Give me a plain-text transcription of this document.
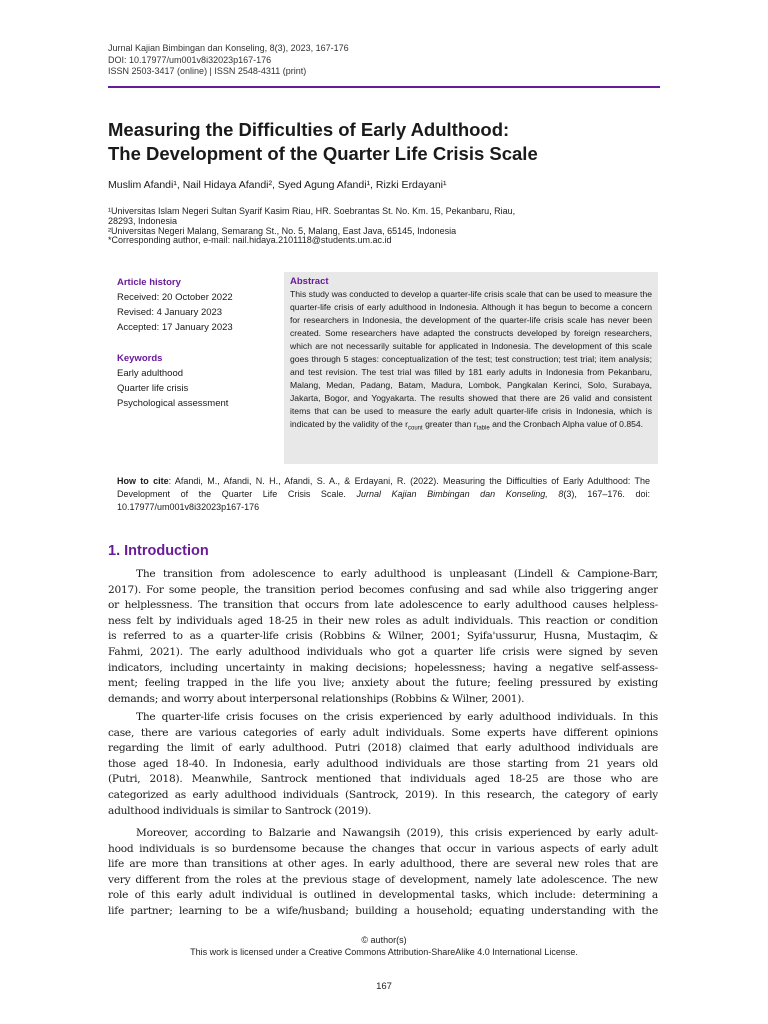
Jurnal Kajian Bimbingan dan Konseling, 8(3), 2023, 167-176
DOI: 10.17977/um001v8i32023p167-176
ISSN 2503-3417 (online) | ISSN 2548-4311 (print)
Measuring the Difficulties of Early Adulthood:
The Development of the Quarter Life Crisis Scale
Muslim Afandi¹, Nail Hidaya Afandi², Syed Agung Afandi¹, Rizki Erdayani¹
¹Universitas Islam Negeri Sultan Syarif Kasim Riau, HR. Soebrantas St. No. Km. 15, Pekanbaru, Riau,
28293, Indonesia
²Universitas Negeri Malang, Semarang St., No. 5, Malang, East Java, 65145, Indonesia
*Corresponding author, e-mail: nail.hidaya.2101118@students.um.ac.id
Article history
Received: 20 October 2022
Revised: 4 January 2023
Accepted: 17 January 2023
Keywords
Early adulthood
Quarter life crisis
Psychological assessment
Abstract
This study was conducted to develop a quarter-life crisis scale that can be used to measure the quarter-life crisis of early adulthood in Indonesia. Although it has begun to become a concern for researchers in Indonesia, the development of the quarter-life crisis scale has never been created. Some researchers have adapted the constructs developed by foreign researchers, which are not necessarily suitable for applicated in Indonesia. The development of this scale goes through 5 stages: conceptualization of the test; test construction; test trial; item analysis; and test revision. The test trial was filled by 181 early adults in Indonesia from Pekanbaru, Malang, Medan, Padang, Batam, Madura, Lombok, Pangkalan Kerinci, Solo, Surabaya, Jakarta, Bogor, and Yogyakarta. The results showed that there are 26 valid and consistent items that can be used to measure the early adult quarter-life crisis in Indonesia, which is indicated by the validity of the $r_{count}$ greater than $r_{table}$ and the Cronbach Alpha value of 0.854.
How to cite: Afandi, M., Afandi, N. H., Afandi, S. A., & Erdayani, R. (2022). Measuring the Difficulties of Early Adulthood: The Development of the Quarter Life Crisis Scale. Jurnal Kajian Bimbingan dan Konseling, 8(3), 167–176. doi: 10.17977/um001v8i32023p167-176
1. Introduction
The transition from adolescence to early adulthood is unpleasant (Lindell & Campione-Barr,
2017). For some people, the transition period becomes confusing and sad while also triggering anger
or helplessness. The transition that occurs from late adolescence to early adulthood causes helpless-
ness felt by individuals aged 18-25 in their new roles as adult individuals. This reaction or condition
is referred to as a quarter-life crisis (Robbins & Wilner, 2001; Syifa'ussurur, Husna, Mustaqim, &
Fahmi, 2021). The early adulthood individuals who got a quarter life crisis were signed by seven
indicators, including uncertainty in making decisions; hopelessness; having a negative self-assess-
ment; feeling trapped in the life you live; anxiety about the future; feeling pressured by existing
demands; and worry about interpersonal relationships (Robbins & Wilner, 2001).
The quarter-life crisis focuses on the crisis experienced by early adulthood individuals. In this
case, there are various categories of early adult individuals. Some experts have different opinions
regarding the limit of early adulthood. Putri (2018) claimed that early adulthood individuals are
those aged 18-40. In Indonesia, early adulthood individuals are those starting from 21 years old
(Putri, 2018). Meanwhile, Santrock mentioned that individuals aged 18-25 are those who are
categorized as early adulthood individuals (Santrock, 2019). In this research, the category of early
adulthood individuals is similar to Santrock (2019).
Moreover, according to Balzarie and Nawangsih (2019), this crisis experienced by early adult-
hood individuals is so burdensome because the changes that occur in various aspects of early adult
life are more than transitions at other ages. In early adulthood, there are several new roles that are
very different from the roles at the previous stage of development, namely late adolescence. The new
role of this early adult individual is outlined in developmental tasks, which include: determining a
life partner; learning to be a wife/husband; building a household; equating understanding with the
© author(s)
This work is licensed under a Creative Commons Attribution-ShareAlike 4.0 International License.
167
